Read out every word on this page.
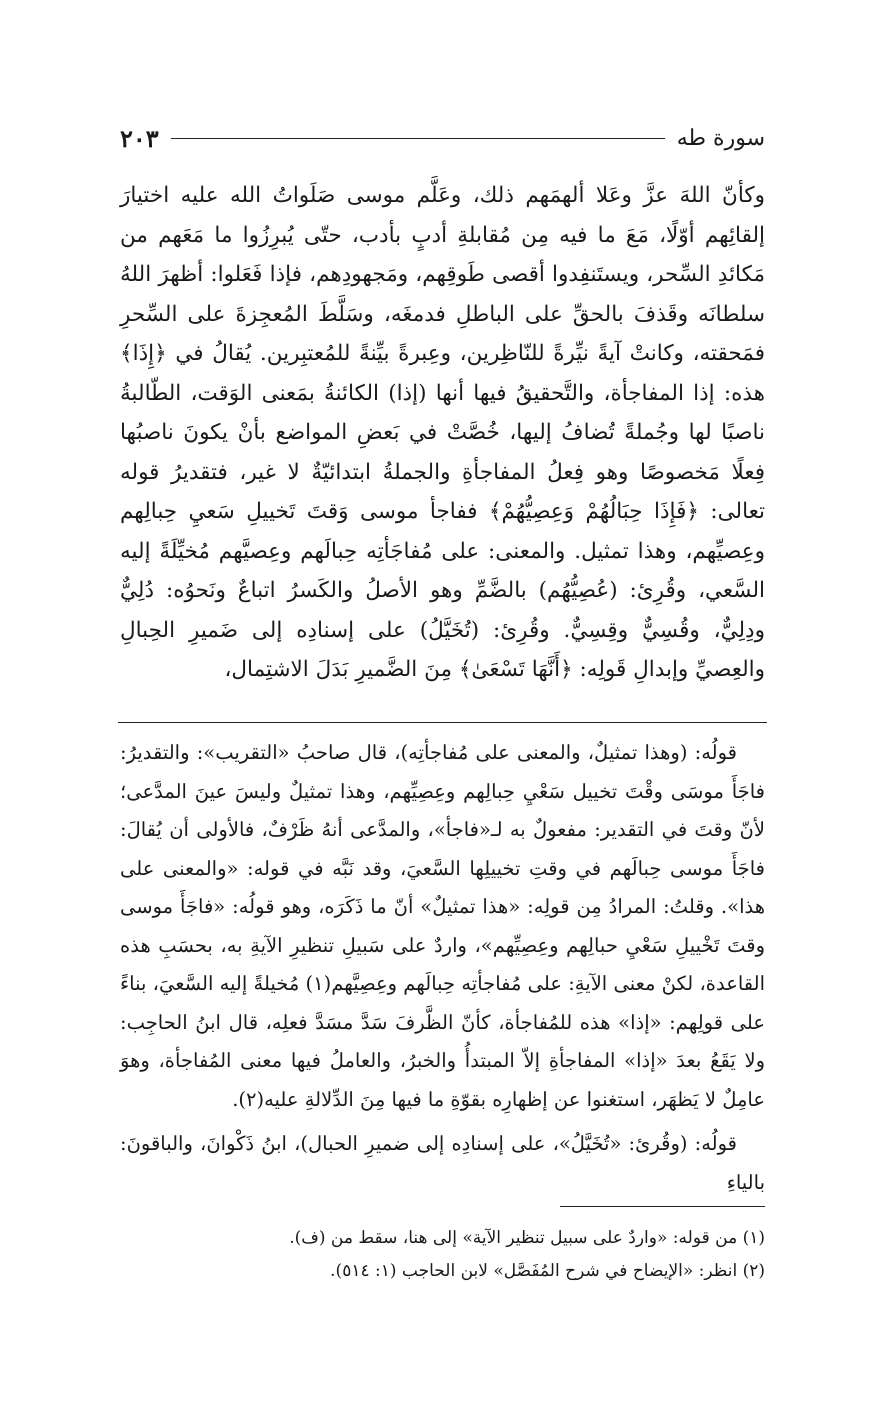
سورة طه
٢٠٣

وكأنّ اللهَ عزَّ وعَلا ألهمَهم ذلك، وعَلَّم موسى صَلَواتُ الله عليه اختيارَ إلقائِهم أوّلًا، مَعَ ما فيه مِن مُقابلةِ أدبٍ بأدب، حتّى يُبرِزُوا ما مَعَهم من مَكائدِ السِّحر، ويستَنفِدوا أقصى طَوقِهم، ومَجهودِهم، فإذا فَعَلوا: أظهرَ اللهُ سلطانَه وقَذفَ بالحقِّ على الباطلِ فدمغَه، وسَلَّطَ المُعجِزةَ على السِّحرِ فمَحقته، وكانتْ آيةً نيِّرةً للنّاظِرين، وعِبرةً بيِّنةً للمُعتبِرين. يُقالُ في ﴿إِذَا﴾ هذه: إذا المفاجأة، والتَّحقيقُ فيها أنها (إذا) الكائنةُ بمَعنى الوَقت، الطّالبةُ ناصبًا لها وجُملةً تُضافُ إليها، خُصَّتْ في بَعضِ المواضع بأنْ يكونَ ناصبُها فِعلًا مَخصوصًا وهو فِعلُ المفاجأةِ والجملةُ ابتدائيّةٌ لا غير، فتقديرُ قوله تعالى: ﴿فَإِذَا حِبَالُهُمْ وَعِصِيُّهُمْ﴾ ففاجأ موسى وَقتَ تَخييلِ سَعيِ حِبالِهم وعِصيِّهم، وهذا تمثيل. والمعنى: على مُفاجَأتِه حِبالَهم وعِصيَّهم مُخيِّلَةً إليه السَّعي، وقُرِئ: (عُصِيُّهُم) بالضَّمِّ وهو الأصلُ والكَسرُ اتباعٌ ونَحوُه: دُلِيٌّ ودِلِيٌّ، وقُسِيٌّ وقِسِيٌّ. وقُرِئ: (تُخَيَّلُ) على إسنادِه إلى ضَميرِ الحِبالِ والعِصيِّ وإبدالِ قَولِه: ﴿أَنَّهَا تَسْعَىٰ﴾ مِنَ الضَّميرِ بَدَلَ الاشتِمال،

قولُه: (وهذا تمثيلٌ، والمعنى على مُفاجأتِه)، قال صاحبُ «التقريب»: والتقديرُ: فاجَأَ موسَى وقْتَ تخييل سَعْيِ حِبالِهم وعِصِيِّهم، وهذا تمثيلٌ وليسَ عينَ المدَّعى؛ لأنّ وقتَ في التقدير: مفعولٌ به لـ«فاجأ»، والمدَّعى أنهُ ظَرْفٌ، فالأولى أن يُقالَ: فاجَأَ موسى حِبالَهم في وقتِ تخييلِها السَّعيَ، وقد نَبَّه في قوله: «والمعنى على هذا». وقلتُ: المرادُ مِن قولِه: «هذا تمثيلٌ» أنّ ما ذَكَرَه، وهو قولُه: «فاجَأَ موسى وقتَ تَخْييلِ سَعْيِ حبالِهم وعِصِيِّهم»، واردٌ على سَبيلِ تنظيرِ الآيةِ به، بحسَبِ هذه القاعدة، لكنْ معنى الآيةِ: على مُفاجأتِه حِبالَهم وعِصِيَّهم(١) مُخيلةً إليه السَّعيَ، بناءً على قولِهم: «إذا» هذه للمُفاجأة، كأنّ الظَّرفَ سَدَّ مسَدَّ فعلِه، قال ابنُ الحاجِب: ولا يَقَعُ بعدَ «إذا» المفاجأةِ إلاّ المبتدأُ والخبرُ، والعاملُ فيها معنى المُفاجأة، وهوَ عامِلٌ لا يَظهَر، استغنوا عن إظهارِه بقوّةِ ما فيها مِنَ الدِّلالةِ عليه(٢).

قولُه: (وقُرئ: «تُخَيَّلُ»، على إسنادِه إلى ضميرِ الحبال)، ابنُ ذَكْوانَ، والباقونَ: بالياءِ

(١) من قوله: «واردٌ على سبيل تنظير الآية» إلى هنا، سقط من (ف).

(٢) انظر: «الإيضاح في شرح المُفَصَّل» لابن الحاجب (١: ٥١٤).
